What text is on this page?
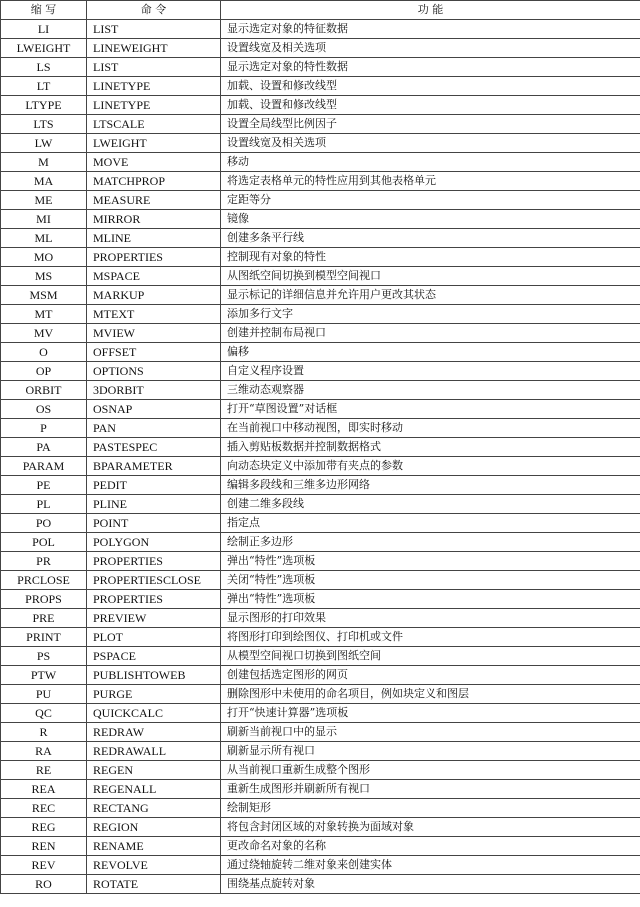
缩 写	命 令	功 能
LI	LIST	显示选定对象的特征数据
LWEIGHT	LINEWEIGHT	设置线宽及相关选项
LS	LIST	显示选定对象的特性数据
LT	LINETYPE	加载、设置和修改线型
LTYPE	LINETYPE	加载、设置和修改线型
LTS	LTSCALE	设置全局线型比例因子
LW	LWEIGHT	设置线宽及相关选项
M	MOVE	移动
MA	MATCHPROP	将选定表格单元的特性应用到其他表格单元
ME	MEASURE	定距等分
MI	MIRROR	镜像
ML	MLINE	创建多条平行线
MO	PROPERTIES	控制现有对象的特性
MS	MSPACE	从图纸空间切换到模型空间视口
MSM	MARKUP	显示标记的详细信息并允许用户更改其状态
MT	MTEXT	添加多行文字
MV	MVIEW	创建并控制布局视口
O	OFFSET	偏移
OP	OPTIONS	自定义程序设置
ORBIT	3DORBIT	三维动态观察器
OS	OSNAP	打开“草图设置”对话框
P	PAN	在当前视口中移动视图，即实时移动
PA	PASTESPEC	插入剪贴板数据并控制数据格式
PARAM	BPARAMETER	向动态块定义中添加带有夹点的参数
PE	PEDIT	编辑多段线和三维多边形网络
PL	PLINE	创建二维多段线
PO	POINT	指定点
POL	POLYGON	绘制正多边形
PR	PROPERTIES	弹出“特性”选项板
PRCLOSE	PROPERTIESCLOSE	关闭“特性”选项板
PROPS	PROPERTIES	弹出“特性”选项板
PRE	PREVIEW	显示图形的打印效果
PRINT	PLOT	将图形打印到绘图仪、打印机或文件
PS	PSPACE	从模型空间视口切换到图纸空间
PTW	PUBLISHTOWEB	创建包括选定图形的网页
PU	PURGE	删除图形中未使用的命名项目，例如块定义和图层
QC	QUICKCALC	打开“快速计算器”选项板
R	REDRAW	刷新当前视口中的显示
RA	REDRAWALL	刷新显示所有视口
RE	REGEN	从当前视口重新生成整个图形
REA	REGENALL	重新生成图形并刷新所有视口
REC	RECTANG	绘制矩形
REG	REGION	将包含封闭区域的对象转换为面域对象
REN	RENAME	更改命名对象的名称
REV	REVOLVE	通过绕轴旋转二维对象来创建实体
RO	ROTATE	围绕基点旋转对象
